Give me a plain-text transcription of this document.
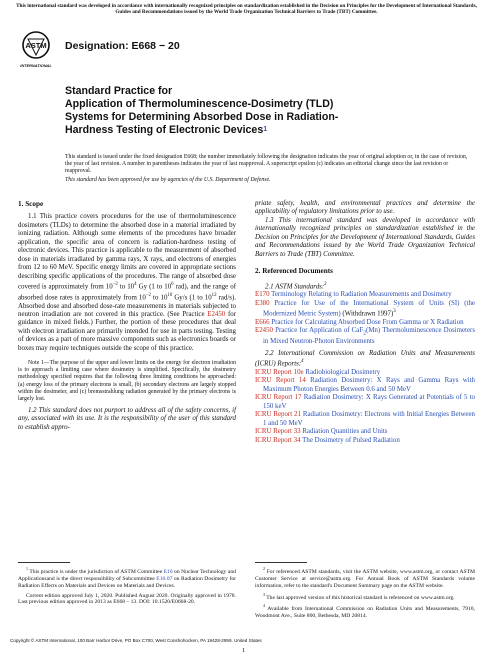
This international standard was developed in accordance with internationally recognized principles on standardization established in the Decision on Principles for the Development of International Standards, Guides and Recommendations issued by the World Trade Organization Technical Barriers to Trade (TBT) Committee.
ASTM
INTERNATIONAL
Designation: E668 − 20
Standard Practice for
Application of Thermoluminescence-Dosimetry (TLD)
Systems for Determining Absorbed Dose in Radiation-
Hardness Testing of Electronic Devices$^1$
This standard is issued under the fixed designation E668; the number immediately following the designation indicates the year of original adoption or, in the case of revision, the year of last revision. A number in parentheses indicates the year of last reapproval. A superscript epsilon (ε) indicates an editorial change since the last revision or reapproval.
This standard has been approved for use by agencies of the U.S. Department of Defense.

1. Scope

1.1 This practice covers procedures for the use of thermoluminescence dosimeters (TLDs) to determine the absorbed dose in a material irradiated by ionizing radiation. Although some elements of the procedures have broader application, the specific area of concern is radiation-hardness testing of electronic devices. This practice is applicable to the measurement of absorbed dose in materials irradiated by gamma rays, X rays, and electrons of energies from 12 to 60 MeV. Specific energy limits are covered in appropriate sections describing specific applications of the procedures. The range of absorbed dose covered is approximately from $10^{-2}$ to $10^4$ Gy (1 to $10^6$ rad), and the range of absorbed dose rates is approximately from $10^{-2}$ to $10^{10}$ Gy/s (1 to $10^{12}$ rad/s). Absorbed dose and absorbed dose-rate measurements in materials subjected to neutron irradiation are not covered in this practice. (See Practice E2450 for guidance in mixed fields.) Further, the portion of these procedures that deal with electron irradiation are primarily intended for use in parts testing. Testing of devices as a part of more massive components such as electronics boards or boxes may require techniques outside the scope of this practice.

Note 1—The purpose of the upper and lower limits on the energy for electron irradiation is to approach a limiting case where dosimetry is simplified. Specifically, the dosimetry methodology specified requires that the following three limiting conditions be approached: (a) energy loss of the primary electrons is small, (b) secondary electrons are largely stopped within the dosimeter, and (c) bremsstrahlung radiation generated by the primary electrons is largely lost.

1.2 This standard does not purport to address all of the safety concerns, if any, associated with its use. It is the responsibility of the user of this standard to establish appro-

$^1$ This practice is under the jurisdiction of ASTM Committee E10 on Nuclear Technology and Applicationsand is the direct responsibility of Subcommittee E10.07 on Radiation Dosimetry for Radiation Effects on Materials and Devices on Materials and Devices.

Current edition approved July 1, 2020. Published August 2020. Originally approved in 1978. Last previous edition approved in 2013 as E668 – 13. DOI: 10.1520/E0668-20.

priate safety, health, and environmental practices and determine the applicability of regulatory limitations prior to use.

1.3 This international standard was developed in accordance with internationally recognized principles on standardization established in the Decision on Principles for the Development of International Standards, Guides and Recommendations issued by the World Trade Organization Technical Barriers to Trade (TBT) Committee.

2. Referenced Documents

2.1 ASTM Standards:$^2$

E170 Terminology Relating to Radiation Measurements and Dosimetry

E380 Practice for Use of the International System of Units (SI) (the Modernized Metric System) (Withdrawn 1997)$^3$

E666 Practice for Calculating Absorbed Dose From Gamma or X Radiation

E2450 Practice for Application of CaF$_2$(Mn) Thermoluminescence Dosimeters in Mixed Neutron-Photon Environments

2.2 International Commission on Radiation Units and Measurements (ICRU) Reports:$^4$

ICRU Report 10e Radiobiological Dosimetry

ICRU Report 14 Radiation Dosimetry: X Rays and Gamma Rays with Maximum Photon Energies Between 0.6 and 50 MeV

ICRU Report 17 Radiation Dosimetry: X Rays Generated at Potentials of 5 to 150 keV

ICRU Report 21 Radiation Dosimetry: Electrons with Initial Energies Between 1 and 50 MeV

ICRU Report 33 Radiation Quantities and Units

ICRU Report 34 The Dosimetry of Pulsed Radiation

$^2$ For referenced ASTM standards, visit the ASTM website, www.astm.org, or contact ASTM Customer Service at service@astm.org. For Annual Book of ASTM Standards volume information, refer to the standard's Document Summary page on the ASTM website.

$^3$ The last approved version of this historical standard is referenced on www.astm.org.

$^4$ Available from International Commission on Radiation Units and Measurements, 7910, Woodmont Ave., Suite 800, Bethesda, MD 20814.

Copyright © ASTM International, 100 Barr Harbor Drive, PO Box C700, West Conshohocken, PA 19428-2959. United States
1
